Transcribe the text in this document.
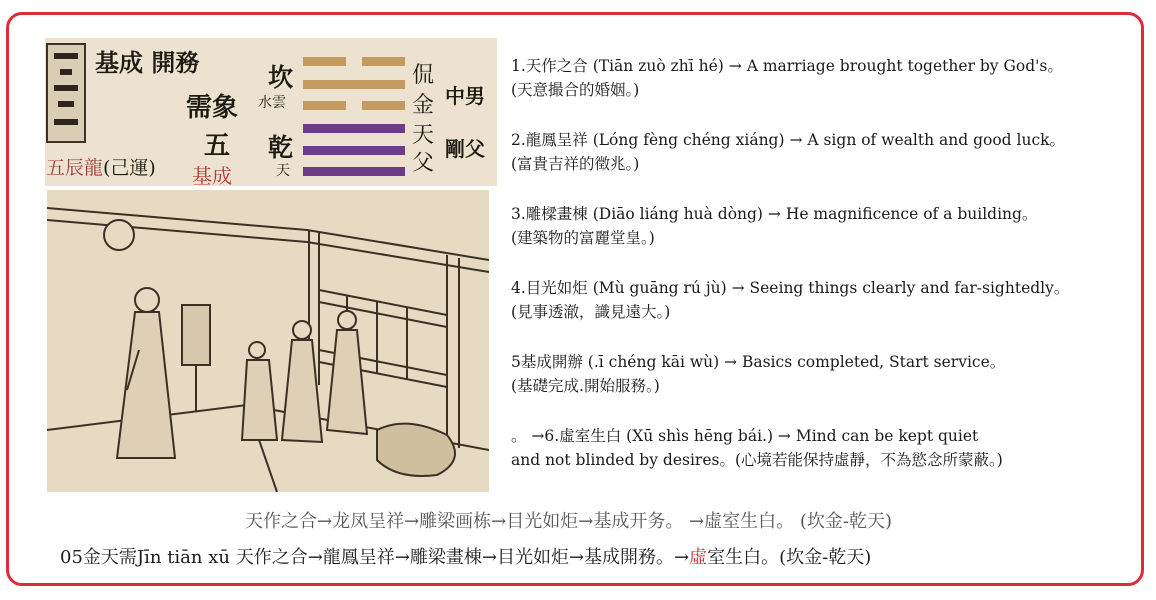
基成 開務
需象
五
五辰龍(己運) 基成
坎
水雲
乾
天
侃
金 中男
天
父
剛父
1.天作之合 (Tiān zuò zhī hé) → A marriage brought together by God's。
(天意撮合的婚姻。)
2.龍鳳呈祥 (Lóng fèng chéng xiáng) → A sign of wealth and good luck。
(富貴吉祥的徵兆。)
3.雕樑畫棟 (Diāo liáng huà dòng) → He magnificence of a building。
(建築物的富麗堂皇。)
4.目光如炬 (Mù guāng rú jù) → Seeing things clearly and far-sightedly。
(見事透澈，識見遠大。)
5基成開辦 (.ī chéng kāi wù) → Basics completed, Start service。
(基礎完成.開始服務。)
。 →6.虛室生白 (Xū shìs hēng bái.) → Mind can be kept quiet
and not blinded by desires。(心境若能保持虛靜，不為慾念所蒙蔽。)
天作之合→龙凤呈祥→雕梁画栋→目光如炬→基成开务。 →虛室生白。 (坎金-乾天)
05金天需Jīn tiān xū 天作之合→龍鳳呈祥→雕梁畫棟→目光如炬→基成開務。→虛室生白。(坎金-乾天)
